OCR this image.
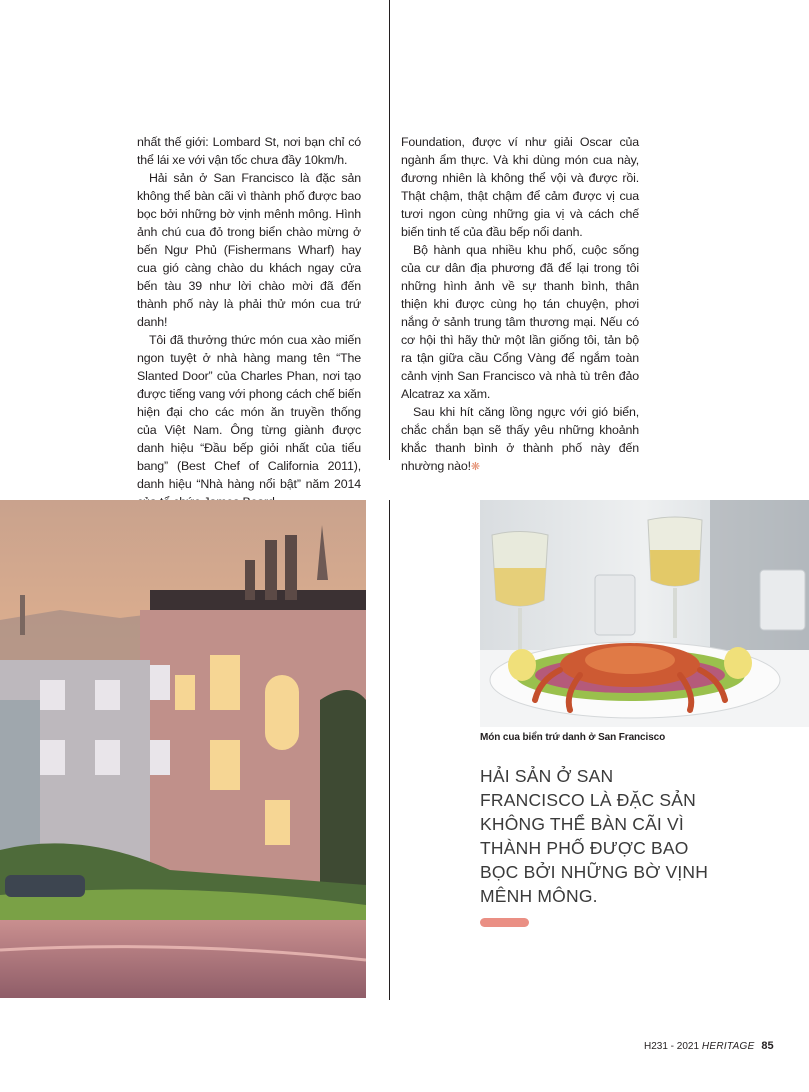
nhất thế giới: Lombard St, nơi bạn chỉ có thể lái xe với vận tốc chưa đầy 10km/h.

Hải sản ở San Francisco là đặc sản không thể bàn cãi vì thành phố được bao bọc bởi những bờ vịnh mênh mông. Hình ảnh chú cua đỏ trong biển chào mừng ở bến Ngư Phủ (Fishermans Wharf) hay cua gió càng chào du khách ngay cửa bến tàu 39 như lời chào mời đã đến thành phố này là phải thử món cua trứ danh!

Tôi đã thưởng thức món cua xào miến ngon tuyệt ở nhà hàng mang tên “The Slanted Door” của Charles Phan, nơi tạo được tiếng vang với phong cách chế biến hiện đại cho các món ăn truyền thống của Việt Nam. Ông từng giành được danh hiệu “Đầu bếp giỏi nhất của tiểu bang” (Best Chef of California 2011), danh hiệu “Nhà hàng nổi bật” năm 2014

Foundation, được ví như giải Oscar của ngành ẩm thực. Và khi dùng món cua này, đương nhiên là không thể vội và được rồi. Thật chậm, thật chậm để cảm được vị cua tươi ngon cùng những gia vị và cách chế biến tinh tế của đầu bếp nổi danh.

Bộ hành qua nhiều khu phố, cuộc sống của cư dân địa phương đã để lại trong tôi những hình ảnh về sự thanh bình, thân thiện khi được cùng họ tán chuyện, phơi nắng ở sảnh trung tâm thương mại. Nếu có cơ hội thì hãy thử một lần giống tôi, tản bộ ra tận giữa cầu Cổng Vàng để ngắm toàn cảnh vịnh San Francisco và nhà tù trên đảo Alcatraz xa xăm.

Sau khi hít căng lồng ngực với gió biển, chắc chắn bạn sẽ thấy yêu những khoảnh khắc thanh bình ở thành phố này đến nhường nào!❋

Món cua biển trứ danh ở San Francisco

HẢI SẢN Ở SAN FRANCISCO LÀ ĐẶC SẢN KHÔNG THỂ BÀN CÃI VÌ THÀNH PHỐ ĐƯỢC BAO BỌC BỞI NHỮNG BỜ VỊNH MÊNH MÔNG.

H231 - 2021 HERITAGE 85
